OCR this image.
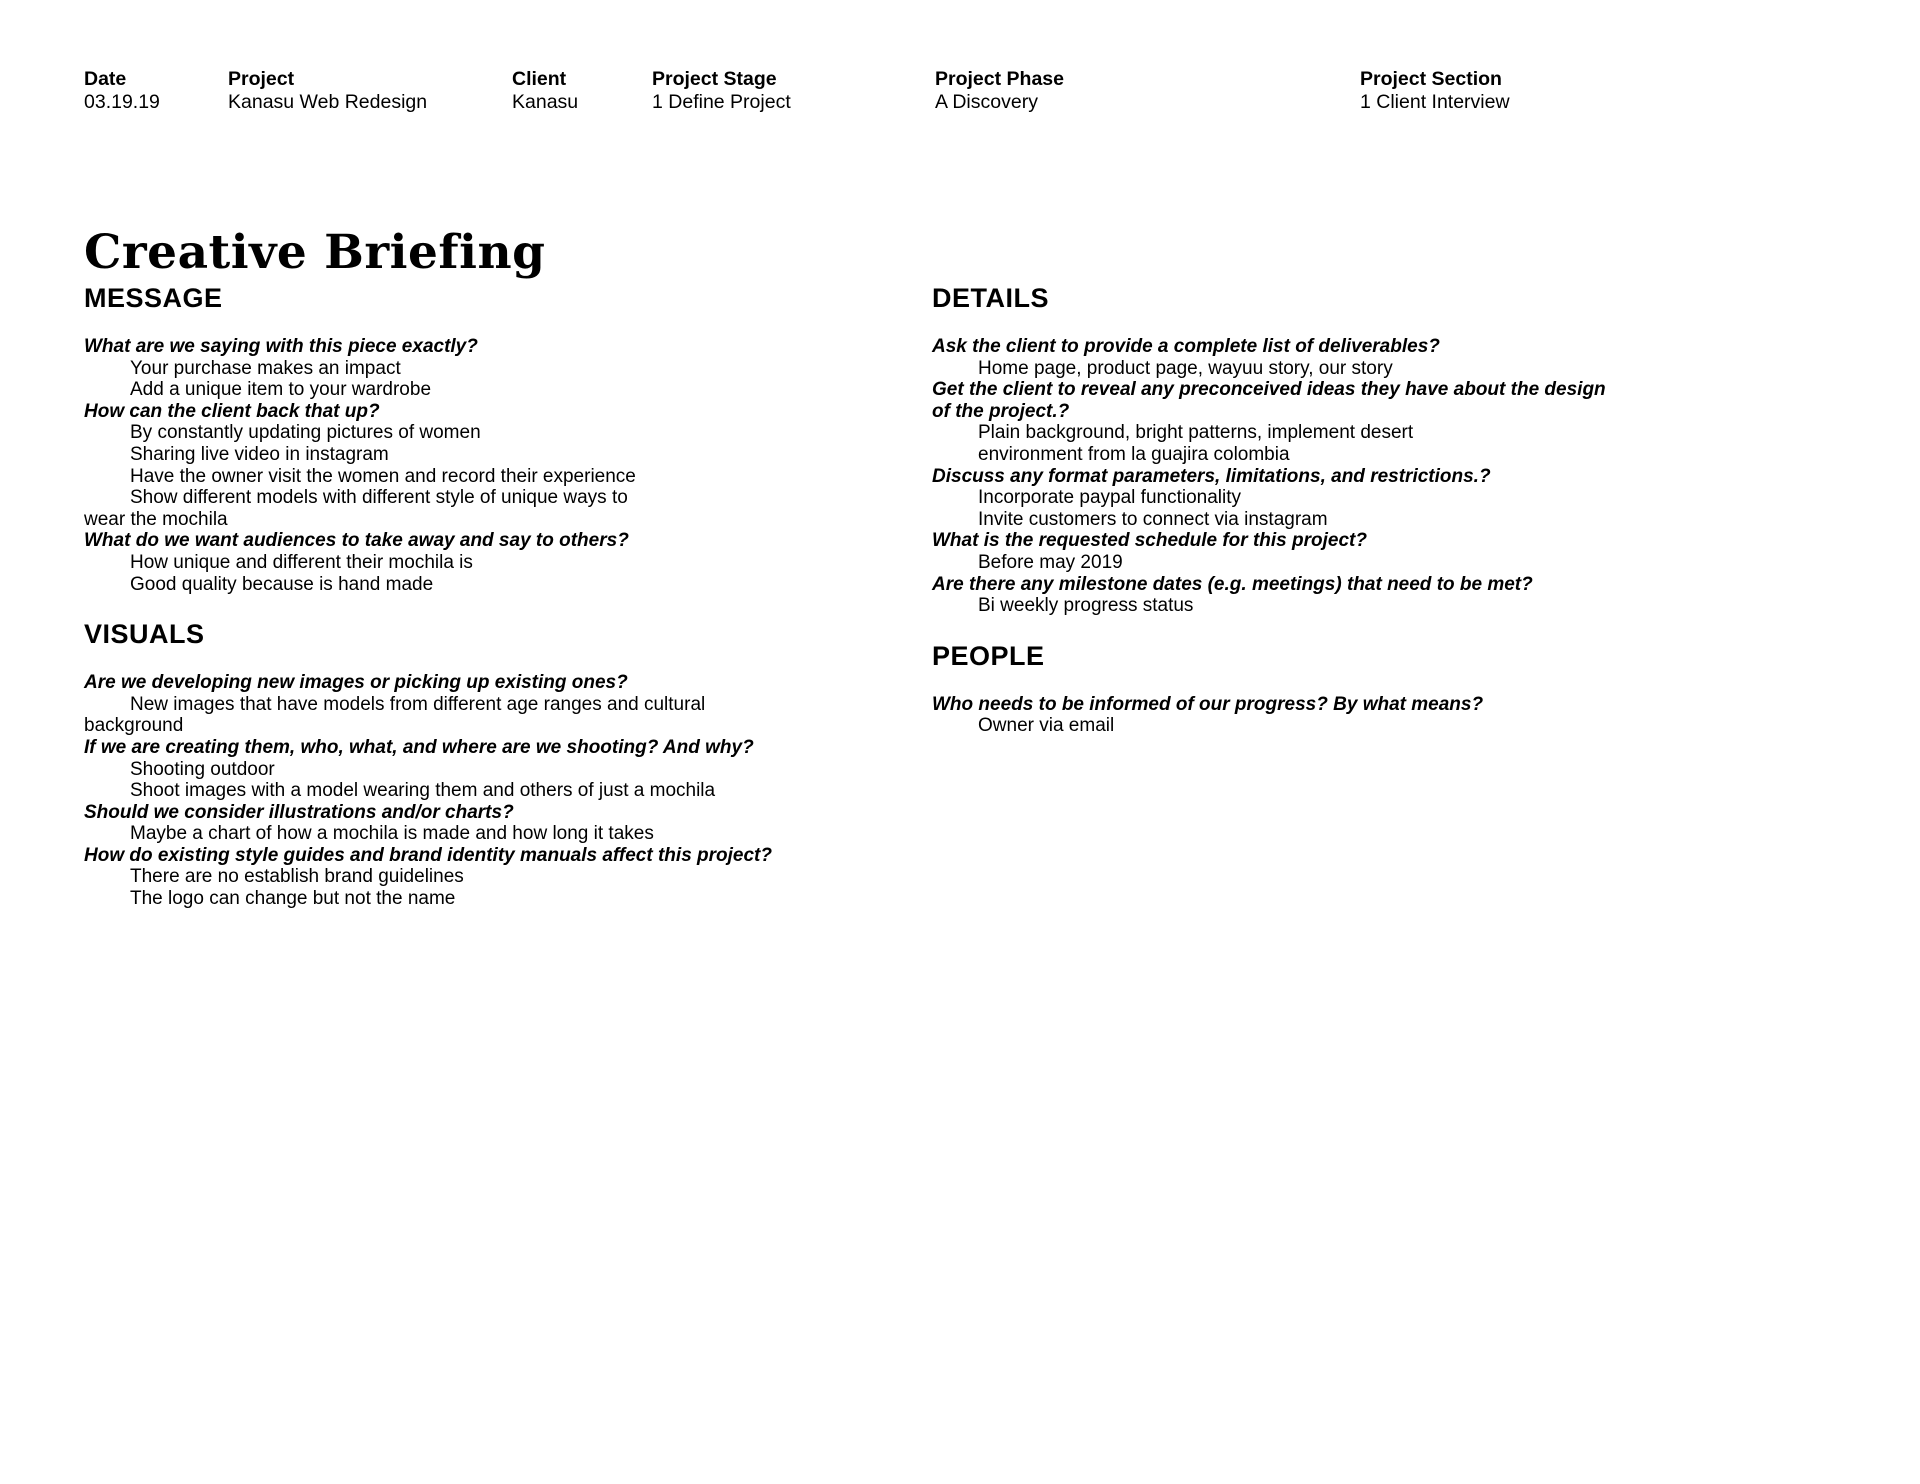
Date
03.19.19
Project
Kanasu Web Redesign
Client
Kanasu
Project Stage
1 Define Project
Project Phase
A Discovery
Project Section
1 Client Interview
Creative Briefing
MESSAGE
What are we saying with this piece exactly?
Your purchase makes an impact
Add a unique item to your wardrobe
How can the client back that up?
By constantly updating pictures of women
Sharing live video in instagram
Have the owner visit the women and record their experience
Show different models with different style of unique ways to
wear the mochila
What do we want audiences to take away and say to others?
How unique and different their mochila is
Good quality because is hand made
VISUALS
Are we developing new images or picking up existing ones?
New images that have models from different age ranges and cultural
background
If we are creating them, who, what, and where are we shooting? And why?
Shooting outdoor
Shoot images with a model wearing them and others of just a mochila
Should we consider illustrations and/or charts?
Maybe a chart of how a mochila is made and how long it takes
How do existing style guides and brand identity manuals affect this project?
There are no establish brand guidelines
The logo can change but not the name
DETAILS
Ask the client to provide a complete list of deliverables?
Home page, product page, wayuu story, our story
Get the client to reveal any preconceived ideas they have about the design
of the project.?
Plain background, bright patterns, implement desert
environment from la guajira colombia
Discuss any format parameters, limitations, and restrictions.?
Incorporate paypal functionality
Invite customers to connect via instagram
What is the requested schedule for this project?
Before may 2019
Are there any milestone dates (e.g. meetings) that need to be met?
Bi weekly progress status
PEOPLE
Who needs to be informed of our progress? By what means?
Owner via email
